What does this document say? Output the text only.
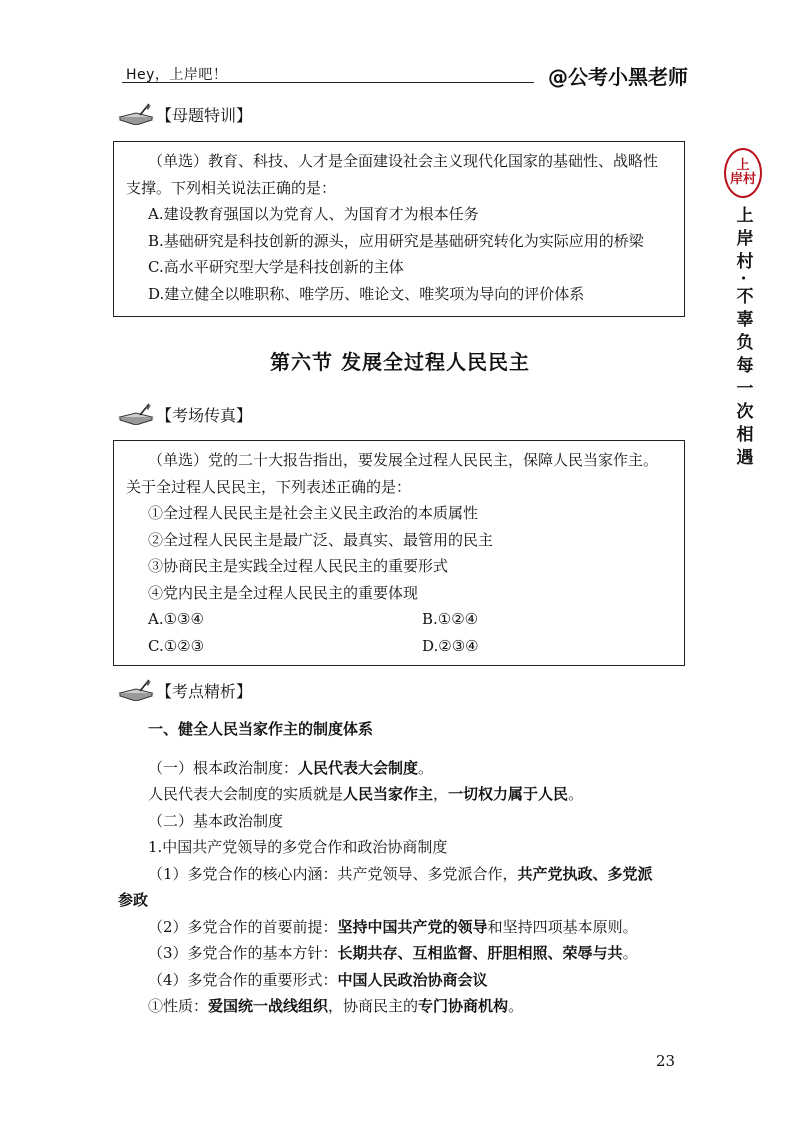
Hey，上岸吧！	@公考小黑老师
上
岸村
上岸村·不辜负每一次相遇
【母题特训】
（单选）教育、科技、人才是全面建设社会主义现代化国家的基础性、战略性
支撑。下列相关说法正确的是：
A.建设教育强国以为党育人、为国育才为根本任务
B.基础研究是科技创新的源头，应用研究是基础研究转化为实际应用的桥梁
C.高水平研究型大学是科技创新的主体
D.建立健全以唯职称、唯学历、唯论文、唯奖项为导向的评价体系
第六节 发展全过程人民民主
【考场传真】
（单选）党的二十大报告指出，要发展全过程人民民主，保障人民当家作主。
关于全过程人民民主，下列表述正确的是：
①全过程人民民主是社会主义民主政治的本质属性
②全过程人民民主是最广泛、最真实、最管用的民主
③协商民主是实践全过程人民民主的重要形式
④党内民主是全过程人民民主的重要体现
A.①③④	B.①②④
C.①②③	D.②③④
【考点精析】

一、健全人民当家作主的制度体系

（一）根本政治制度：人民代表大会制度。

人民代表大会制度的实质就是人民当家作主，一切权力属于人民。

（二）基本政治制度

1.中国共产党领导的多党合作和政治协商制度

（1）多党合作的核心内涵：共产党领导、多党派合作，共产党执政、多党派

参政

（2）多党合作的首要前提：坚持中国共产党的领导和坚持四项基本原则。

（3）多党合作的基本方针：长期共存、互相监督、肝胆相照、荣辱与共。

（4）多党合作的重要形式：中国人民政治协商会议

①性质：爱国统一战线组织，协商民主的专门协商机构。

23
